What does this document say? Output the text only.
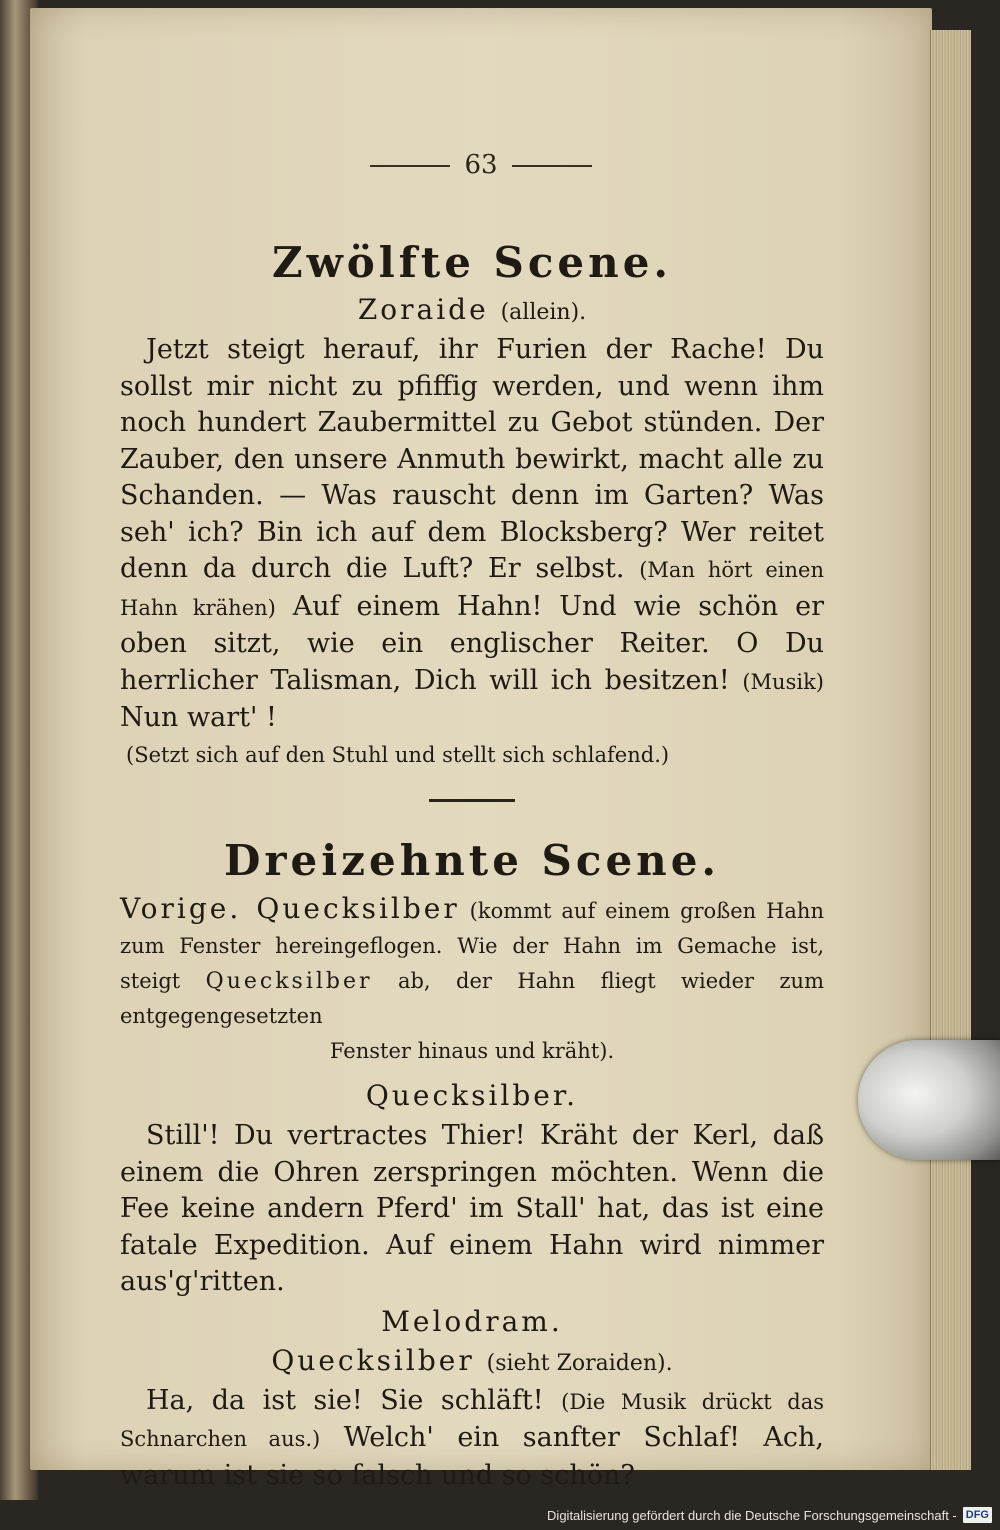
63
Zwölfte Scene.
Zoraide (allein).

Jetzt steigt herauf, ihr Furien der Rache! Du sollst mir nicht zu pfiffig werden, und wenn ihm noch hundert Zaubermittel zu Gebot stünden. Der Zauber, den unsere Anmuth bewirkt, macht alle zu Schanden. — Was rauscht denn im Garten? Was seh' ich? Bin ich auf dem Blocksberg? Wer reitet denn da durch die Luft? Er selbst. (Man hört einen Hahn krähen) Auf einem Hahn! Und wie schön er oben sitzt, wie ein englischer Reiter. O Du herrlicher Talisman, Dich will ich besitzen! (Musik) Nun wart' !

(Setzt sich auf den Stuhl und stellt sich schlafend.)

Dreizehnte Scene.

Vorige. Quecksilber (kommt auf einem großen Hahn zum Fenster hereingeflogen. Wie der Hahn im Gemache ist, steigt Quecksilber ab, der Hahn fliegt wieder zum entgegengesetzten
Fenster hinaus und kräht).

Quecksilber.

Still'! Du vertractes Thier! Kräht der Kerl, daß einem die Ohren zerspringen möchten. Wenn die Fee keine andern Pferd' im Stall' hat, das ist eine fatale Expedition. Auf einem Hahn wird nimmer aus'g'ritten.

Melodram.
Quecksilber (sieht Zoraiden).

Ha, da ist sie! Sie schläft! (Die Musik drückt das Schnarchen aus.) Welch' ein sanfter Schlaf! Ach, warum ist sie so falsch und so schön?

Digitalisierung gefördert durch die Deutsche Forschungsgemeinschaft - DFG
